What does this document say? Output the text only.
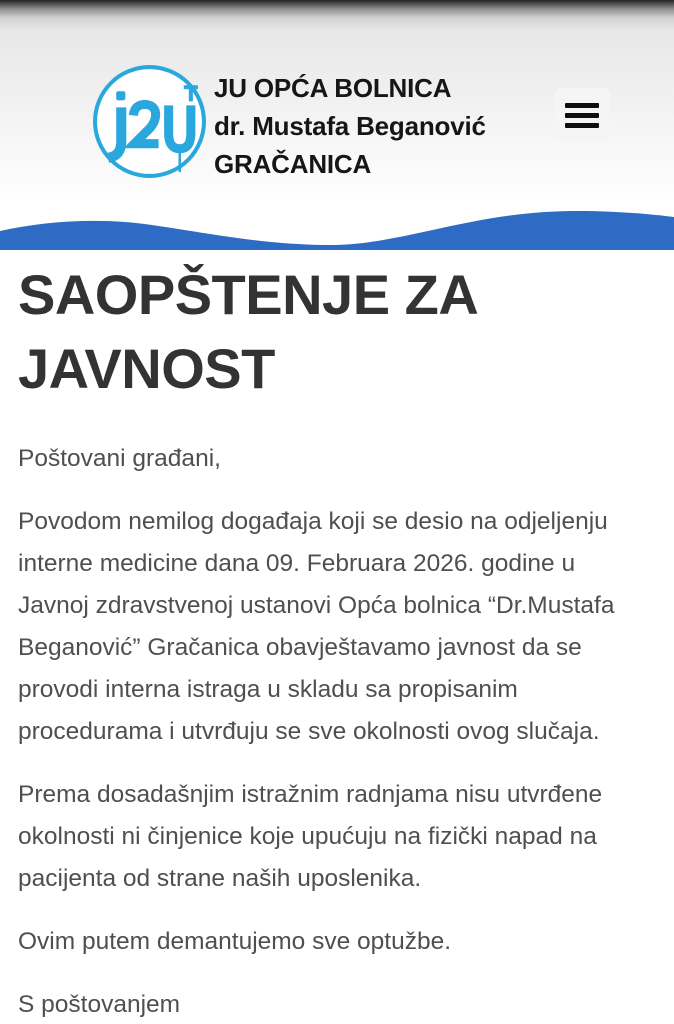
JU OPĆA BOLNICA
dr. Mustafa Beganović
GRAČANICA
SAOPŠTENJE ZA JAVNOST

Poštovani građani,

Povodom nemilog događaja koji se desio na odjeljenju interne medicine dana 09. Februara 2026. godine u Javnoj zdravstvenoj ustanovi Opća bolnica “Dr.Mustafa Beganović” Gračanica obavještavamo javnost da se provodi interna istraga u skladu sa propisanim procedurama i utvrđuju se sve okolnosti ovog slučaja.

Prema dosadašnjim istražnim radnjama nisu utvrđene okolnosti ni činjenice koje upućuju na fizički napad na pacijenta od strane naših uposlenika.

Ovim putem demantujemo sve optužbe.

S poštovanjem
